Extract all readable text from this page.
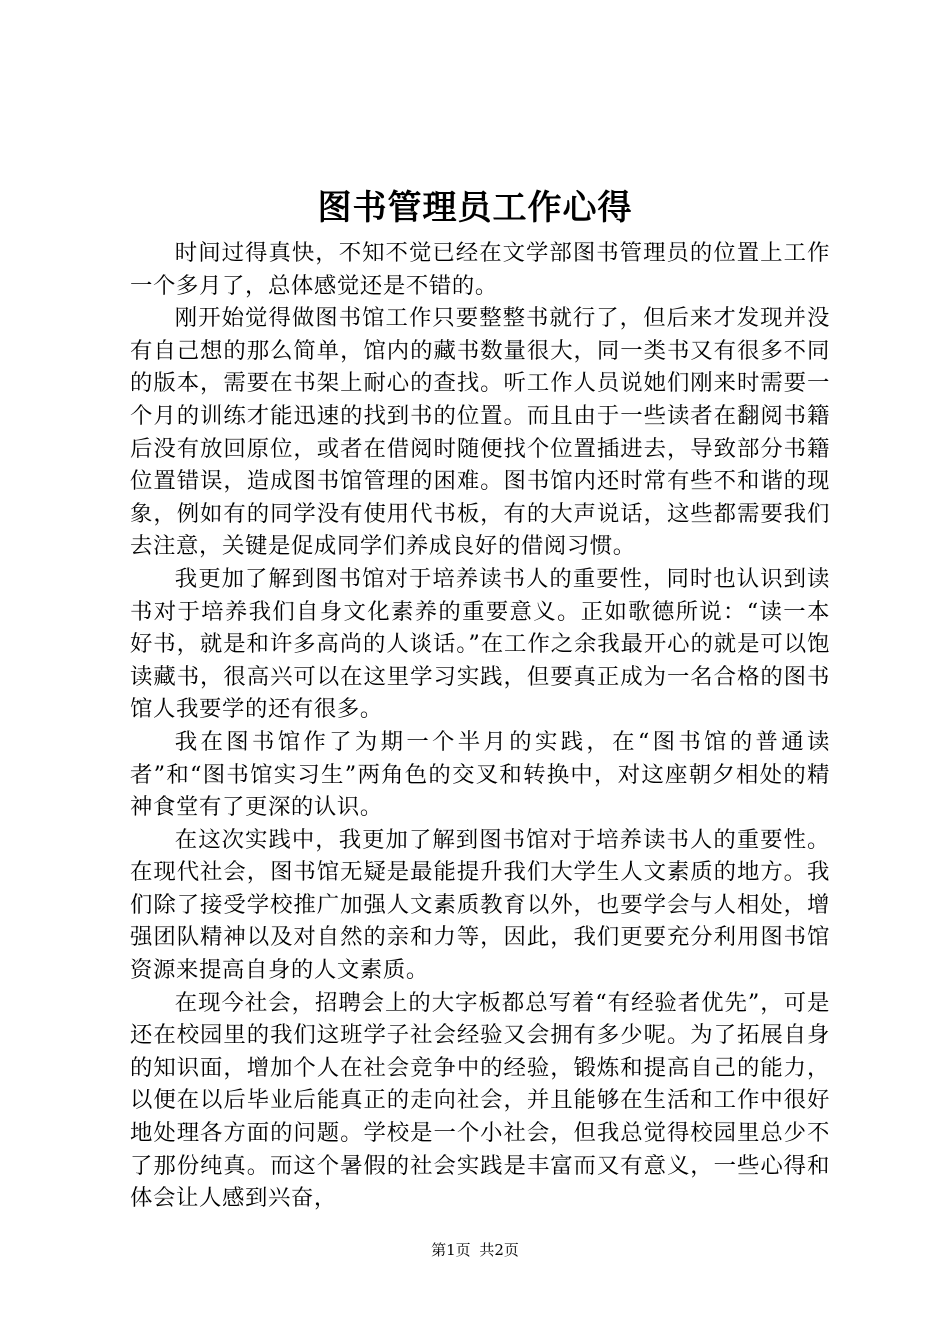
图书管理员工作心得

时间过得真快，不知不觉已经在文学部图书管理员的位置上工作一个多月了，总体感觉还是不错的。

刚开始觉得做图书馆工作只要整整书就行了，但后来才发现并没有自己想的那么简单，馆内的藏书数量很大，同一类书又有很多不同的版本，需要在书架上耐心的查找。听工作人员说她们刚来时需要一个月的训练才能迅速的找到书的位置。而且由于一些读者在翻阅书籍后没有放回原位，或者在借阅时随便找个位置插进去，导致部分书籍位置错误，造成图书馆管理的困难。图书馆内还时常有些不和谐的现象，例如有的同学没有使用代书板，有的大声说话，这些都需要我们去注意，关键是促成同学们养成良好的借阅习惯。

我更加了解到图书馆对于培养读书人的重要性，同时也认识到读书对于培养我们自身文化素养的重要意义。正如歌德所说：“读一本好书，就是和许多高尚的人谈话。”在工作之余我最开心的就是可以饱读藏书，很高兴可以在这里学习实践，但要真正成为一名合格的图书馆人我要学的还有很多。

我在图书馆作了为期一个半月的实践，在“图书馆的普通读者”和“图书馆实习生”两角色的交叉和转换中，对这座朝夕相处的精神食堂有了更深的认识。

在这次实践中，我更加了解到图书馆对于培养读书人的重要性。在现代社会，图书馆无疑是最能提升我们大学生人文素质的地方。我们除了接受学校推广加强人文素质教育以外，也要学会与人相处，增强团队精神以及对自然的亲和力等，因此，我们更要充分利用图书馆资源来提高自身的人文素质。

在现今社会，招聘会上的大字板都总写着“有经验者优先”，可是还在校园里的我们这班学子社会经验又会拥有多少呢。为了拓展自身的知识面，增加个人在社会竞争中的经验，锻炼和提高自己的能力，以便在以后毕业后能真正的走向社会，并且能够在生活和工作中很好地处理各方面的问题。学校是一个小社会，但我总觉得校园里总少不了那份纯真。而这个暑假的社会实践是丰富而又有意义，一些心得和体会让人感到兴奋，

第1页 共2页
